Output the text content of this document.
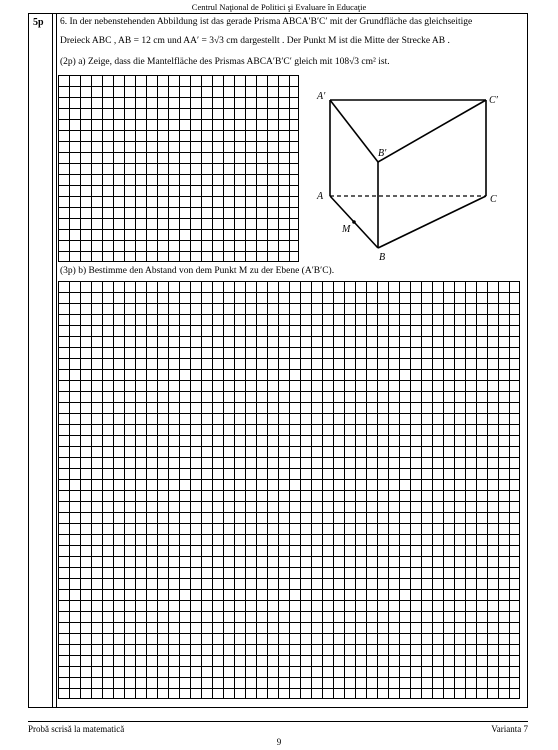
Centrul Naţional de Politici şi Evaluare în Educaţie
5p 6. In der nebenstehenden Abbildung ist das gerade Prisma ABCA′B′C′ mit der Grundfläche das gleichseitige
Dreieck ABC , AB = 12 cm und AA′ = 3√3 cm dargestellt . Der Punkt M ist die Mitte der Strecke AB .
(2p) a) Zeige, dass die Mantelfläche des Prismas ABCA′B′C′ gleich mit 108√3 cm² ist.
A′	C′
B′
A	C
M
B
(3p) b) Bestimme den Abstand von dem Punkt M zu der Ebene (A′B′C).
Probă scrisă la matematică	Varianta 7
9
